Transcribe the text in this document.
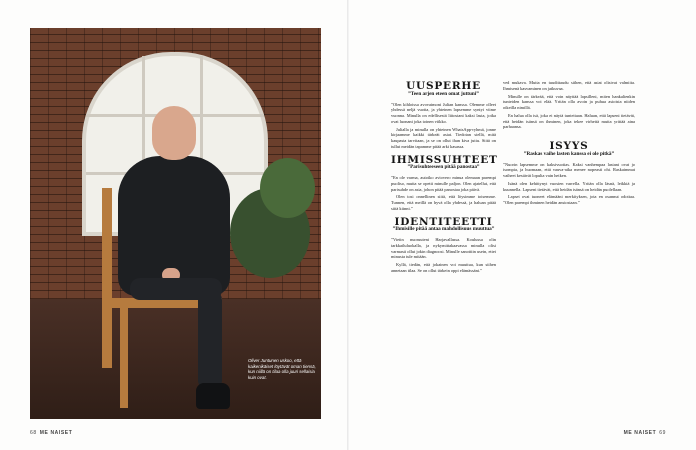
Oliver Juntunen uskoo, että kaikenikäiset löytävät oman tiensä, kun niillä on tilaa olla juuri sellaisia kuin ovat.
68 ME NAISET	ME NAISET 69
UUSPERHE
”Teen arjen eteen omat juttuni”

”Olen kihloissa avovaimoni Julian kanssa. Olemme olleet yhdessä neljä vuotta, ja yhteinen lapsemme syntyi viime vuonna. Minulla on edellisestä liitostani kaksi lasta, jotka ovat luonani joka toinen viikko.

Julialla ja minulla on yhteinen WhatsApp-ryhmä, jonne kirjaamme kaikki tärkeät asiat. Tiedotan siellä, mitä kaupasta tarvitaan, ja se on ollut ihan kiva juttu. Siitä on tullut meidän tapamme pitää arki kasassa.

IHMISSUHTEET
”Parisuhteeseen pitää panostaa”

”En ole varma, autoiko aviovero minua olemaan parempi puoliso, mutta se opetti minulle paljon. Olen ajatellut, että parisuhde on asia, johon pitää panostaa joka päivä.

Olen tosi onnellinen siitä, että löysimme toisemme. Tunnen, että meillä on hyvä olla yhdessä, ja haluan pitää siitä kiinni.”

IDENTITEETTI
”Ihmisille pitää antaa mahdollisuus muuttua”

”Vietin nuoruuteni Harjavallassa. Koulussa olin tarkkailuluokalla, ja nykymittakaavassa minulla olisi varmasti ollut jokin diagnoosi. Minulle sanottiin usein, ettei minusta tule mitään.

Kyllä, tiedän, että jokainen voi muuttua, kun siihen annetaan tilaa. Se on ollut tärkein oppi elämässäni.”

ved mukava. Mutta en tuudittaudu siihen, että asiat olisivat valmiita. Ihmisenä kasvaminen on jatkuvaa.

Minulle on tärkeää, että voin näyttää lapsilleni, miten hankalienkin tunteiden kanssa voi elää. Yritän olla avoin ja puhua asioista niiden oikeilla nimillä.

En halua olla isä, joka ei näytä tunteitaan. Haluan, että lapseni tietävät, että heidän isänsä on ihminen, joka tekee virheitä mutta yrittää aina parhaansa.

ISYYS
”Raskas vaihe lasten kanssa ei ole pitkä”

”Nuorin lapsemme on kaksivuotias. Kaksi vanhempaa lastani ovat jo isompia, ja huomaan, että vauva-aika menee nopeasti ohi. Raskaimmat vaiheet kestävät lopulta vain hetken.

Isänä olen kehittynyt vuosien varrella. Yritän olla läsnä, leikkiä ja kuunnella. Lapseni tietävät, että heidän isänsä on heidän puolellaan.

Lapset ovat tuoneet elämääni merkityksen, jota en osannut odottaa. ”Olen parempi ihminen heidän ansiostaan.”
